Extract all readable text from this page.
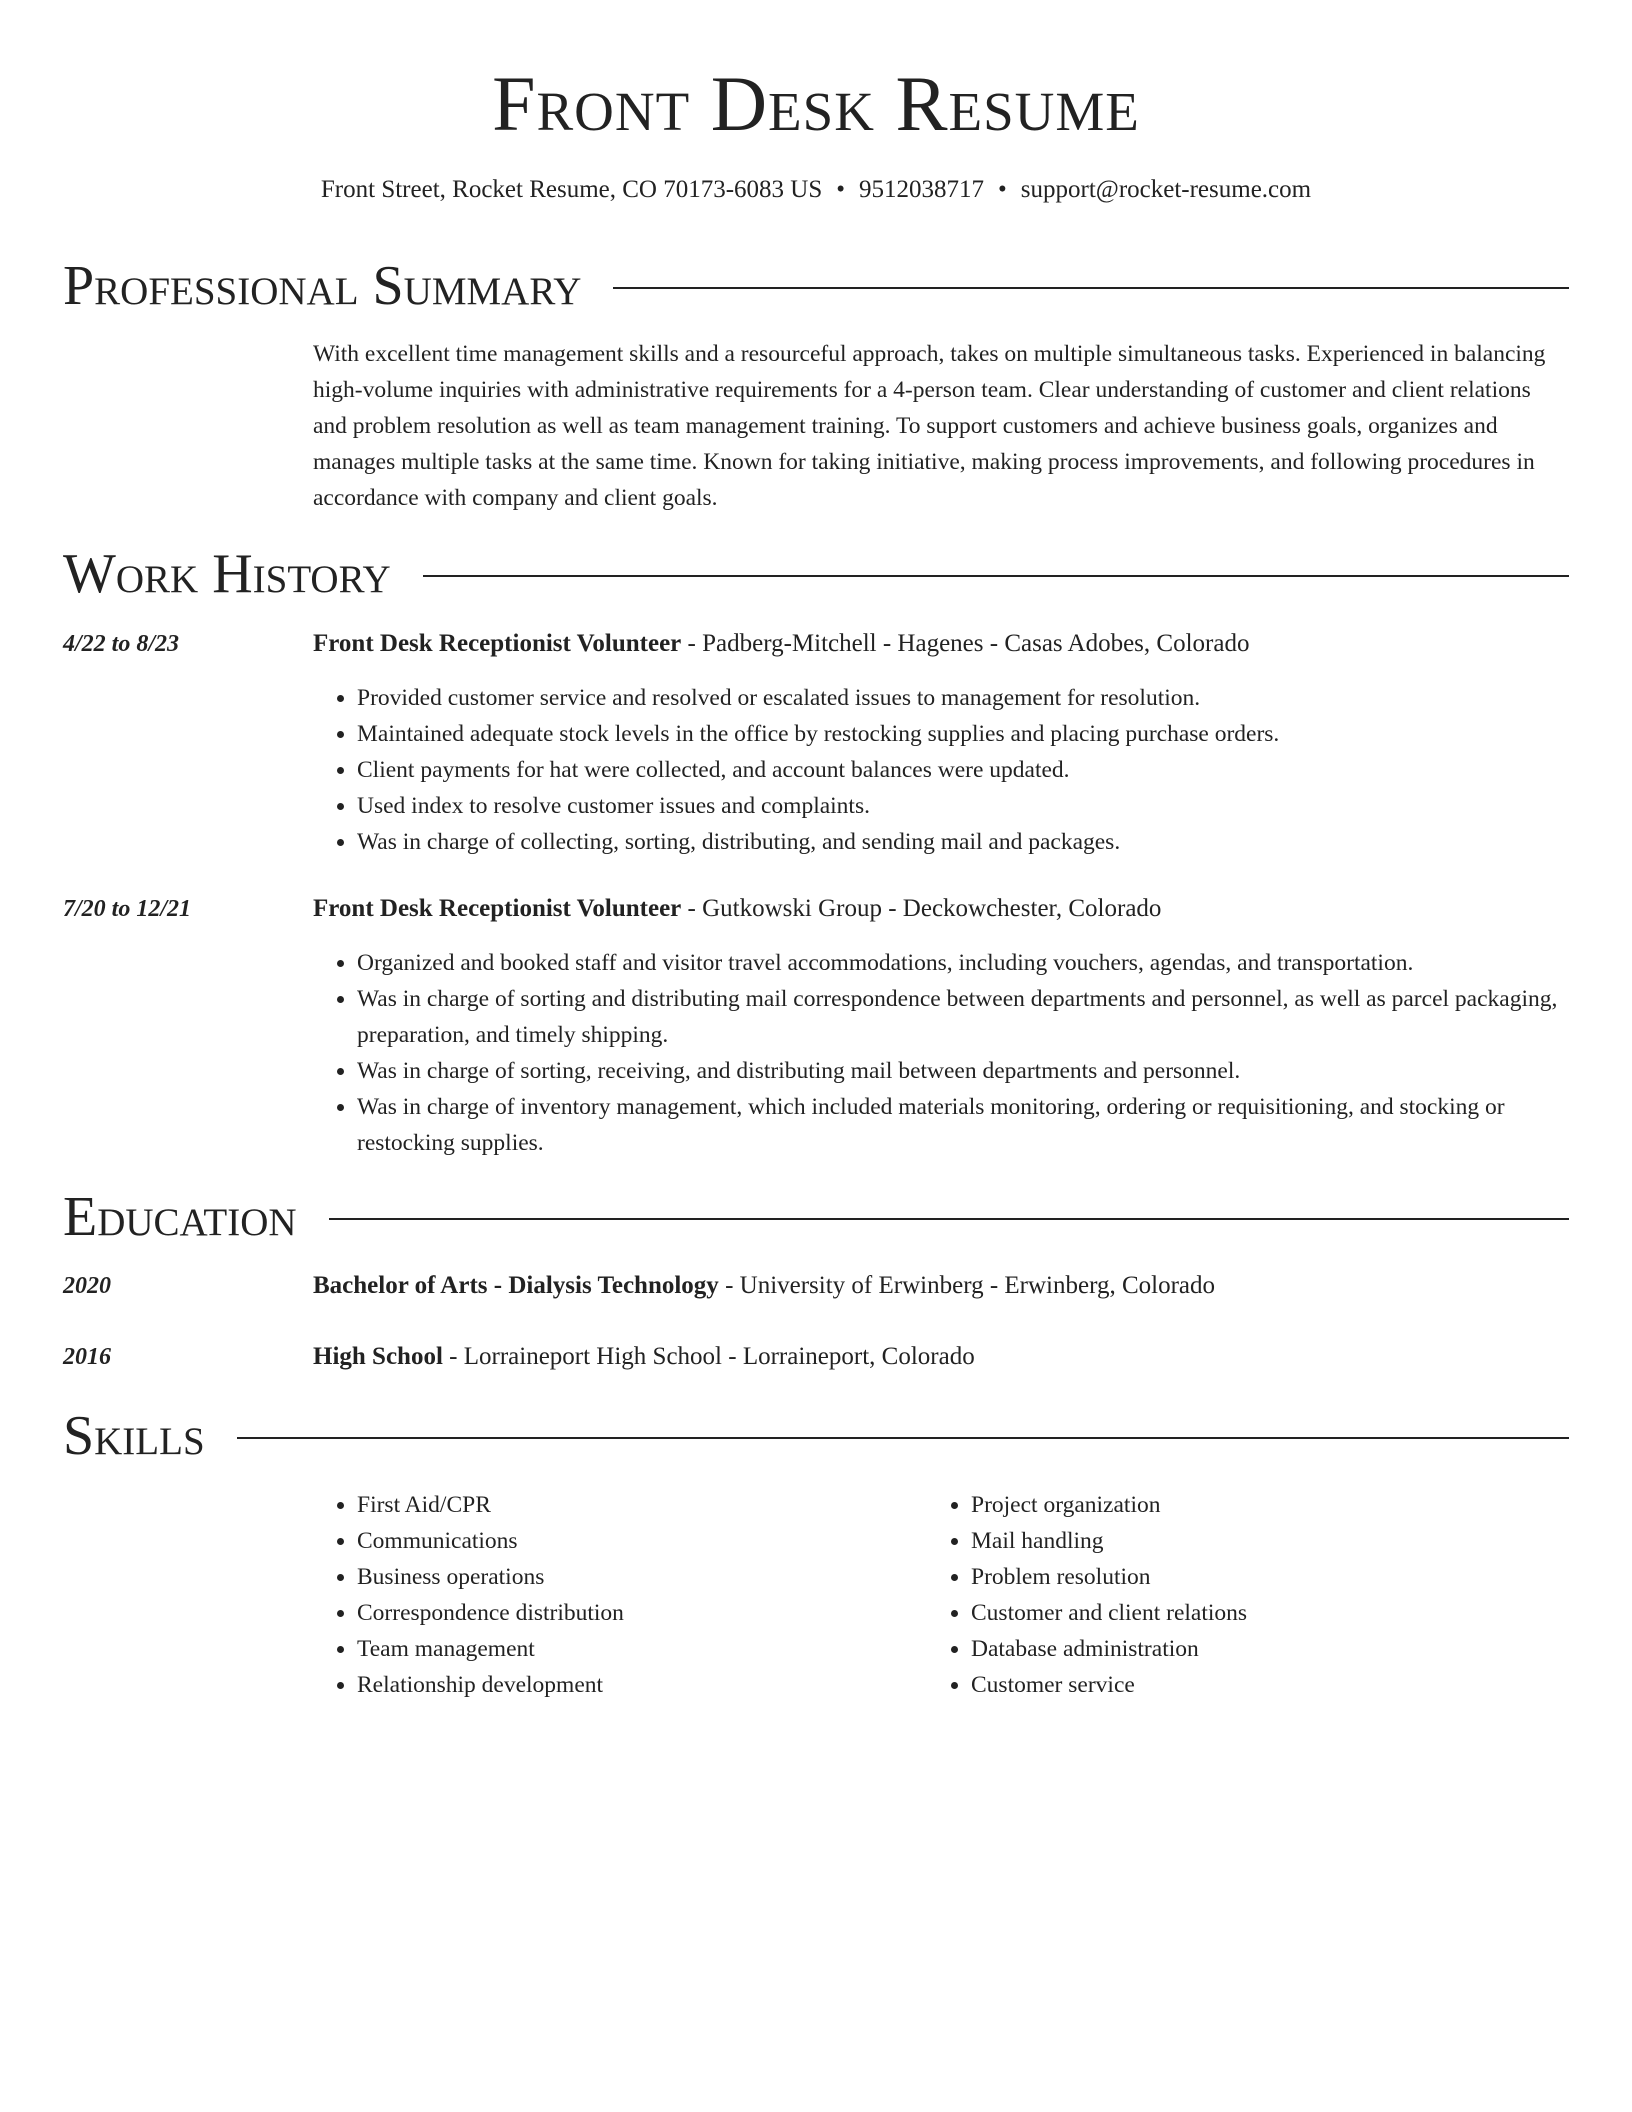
Front Desk Resume
Front Street, Rocket Resume, CO 70173-6083 US • 9512038717 • support@rocket-resume.com
Professional Summary
With excellent time management skills and a resourceful approach, takes on multiple simultaneous tasks. Experienced in balancing high-volume inquiries with administrative requirements for a 4-person team. Clear understanding of customer and client relations and problem resolution as well as team management training. To support customers and achieve business goals, organizes and manages multiple tasks at the same time. Known for taking initiative, making process improvements, and following procedures in accordance with company and client goals.
Work History
4/22 to 8/23	Front Desk Receptionist Volunteer - Padberg-Mitchell - Hagenes - Casas Adobes, Colorado
• Provided customer service and resolved or escalated issues to management for resolution.
• Maintained adequate stock levels in the office by restocking supplies and placing purchase orders.
• Client payments for hat were collected, and account balances were updated.
• Used index to resolve customer issues and complaints.
• Was in charge of collecting, sorting, distributing, and sending mail and packages.
7/20 to 12/21	Front Desk Receptionist Volunteer - Gutkowski Group - Deckowchester, Colorado
• Organized and booked staff and visitor travel accommodations, including vouchers, agendas, and transportation.
• Was in charge of sorting and distributing mail correspondence between departments and personnel, as well as parcel packaging, preparation, and timely shipping.
• Was in charge of sorting, receiving, and distributing mail between departments and personnel.
• Was in charge of inventory management, which included materials monitoring, ordering or requisitioning, and stocking or restocking supplies.
Education
2020	Bachelor of Arts - Dialysis Technology - University of Erwinberg - Erwinberg, Colorado
2016	High School - Lorraineport High School - Lorraineport, Colorado
Skills
• First Aid/CPR
• Communications
• Business operations
• Correspondence distribution
• Team management
• Relationship development
• Project organization
• Mail handling
• Problem resolution
• Customer and client relations
• Database administration
• Customer service
